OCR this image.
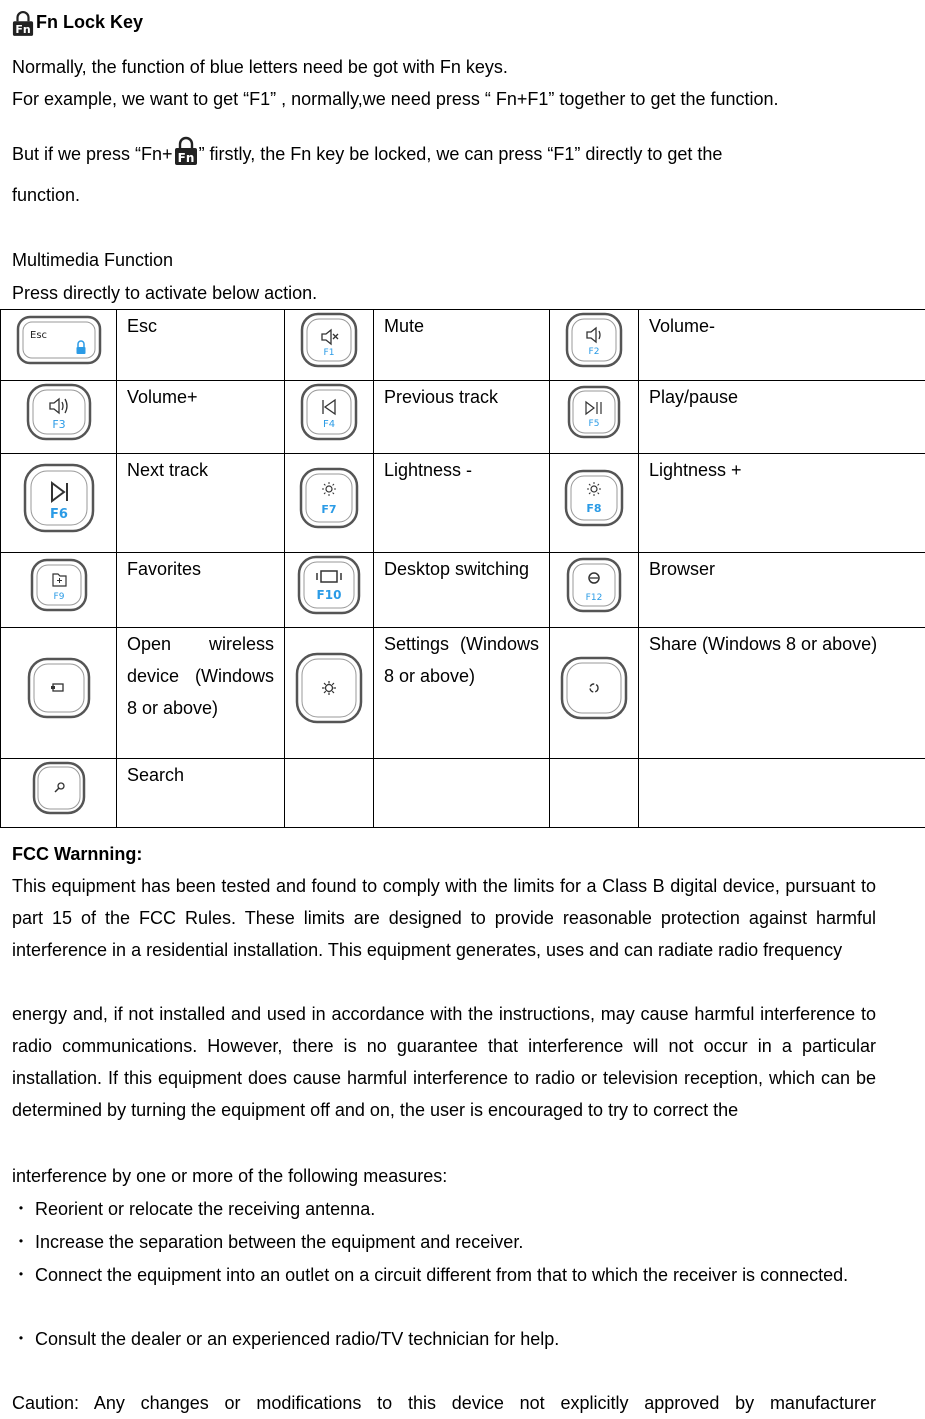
Fn Fn Lock Key
Normally, the function of blue letters need be got with Fn keys.
For example, we want to get “F1” , normally,we need press “ Fn+F1” together to get the function.
But if we press “Fn+ Fn ” firstly, the Fn key be locked, we can press “F1” directly to get the
function.
Multimedia Function
Press directly to activate below action.
Esc	Esc	F1	Mute	F2	Volume-

F3	Volume+	F4	Previous track	F5	Play/pause

F6	Next track	F7	Lightness -	F8	Lightness +

F9	Favorites	F10	Desktop switching	F12	Browser
	Open wireless device (Windows 8 or above)		Settings (Windows 8 or above)		Share (Windows 8 or above)
	Search				
FCC Warnning:
This equipment has been tested and found to comply with the limits for a Class B digital device, pursuant to part 15 of the FCC Rules. These limits are designed to provide reasonable protection against harmful interference in a residential installation. This equipment generates, uses and can radiate radio frequency
energy and, if not installed and used in accordance with the instructions, may cause harmful interference to radio communications. However, there is no guarantee that interference will not occur in a particular installation. If this equipment does cause harmful interference to radio or television reception, which can be determined by turning the equipment off and on, the user is encouraged to try to correct the
interference by one or more of the following measures:
・ Reorient or relocate the receiving antenna.
・ Increase the separation between the equipment and receiver.
・ Connect the equipment into an outlet on a circuit different from that to which the receiver is connected.
・ Consult the dealer or an experienced radio/TV technician for help.
Caution: Any changes or modifications to this device not explicitly approved by manufacturer
